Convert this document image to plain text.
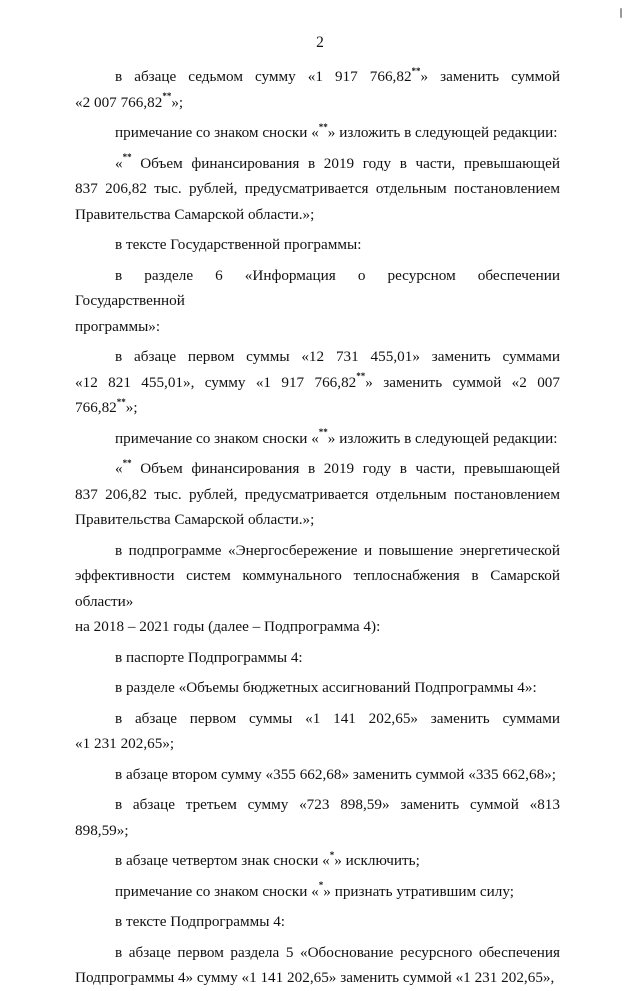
2
в абзаце седьмом сумму «1 917 766,82**» заменить суммой
«2 007 766,82**»;
примечание со знаком сноски «**» изложить в следующей редакции:
«** Объем финансирования в 2019 году в части, превышающей
837 206,82 тыс. рублей, предусматривается отдельным постановлением
Правительства Самарской области.»;
в тексте Государственной программы:
в разделе 6 «Информация о ресурсном обеспечении Государственной
программы»:
в абзаце первом суммы «12 731 455,01» заменить суммами
«12 821 455,01», сумму «1 917 766,82**» заменить суммой «2 007 766,82**»;
примечание со знаком сноски «**» изложить в следующей редакции:
«** Объем финансирования в 2019 году в части, превышающей
837 206,82 тыс. рублей, предусматривается отдельным постановлением
Правительства Самарской области.»;
в подпрограмме «Энергосбережение и повышение энергетической
эффективности систем коммунального теплоснабжения в Самарской области»
на 2018 – 2021 годы (далее – Подпрограмма 4):
в паспорте Подпрограммы 4:
в разделе «Объемы бюджетных ассигнований Подпрограммы 4»:
в абзаце первом суммы «1 141 202,65» заменить суммами
«1 231 202,65»;
в абзаце втором сумму «355 662,68» заменить суммой «335 662,68»;
в абзаце третьем сумму «723 898,59» заменить суммой «813 898,59»;
в абзаце четвертом знак сноски «*» исключить;
примечание со знаком сноски «*» признать утратившим силу;
в тексте Подпрограммы 4:
в абзаце первом раздела 5 «Обоснование ресурсного обеспечения
Подпрограммы 4» сумму «1 141 202,65» заменить суммой «1 231 202,65»,
